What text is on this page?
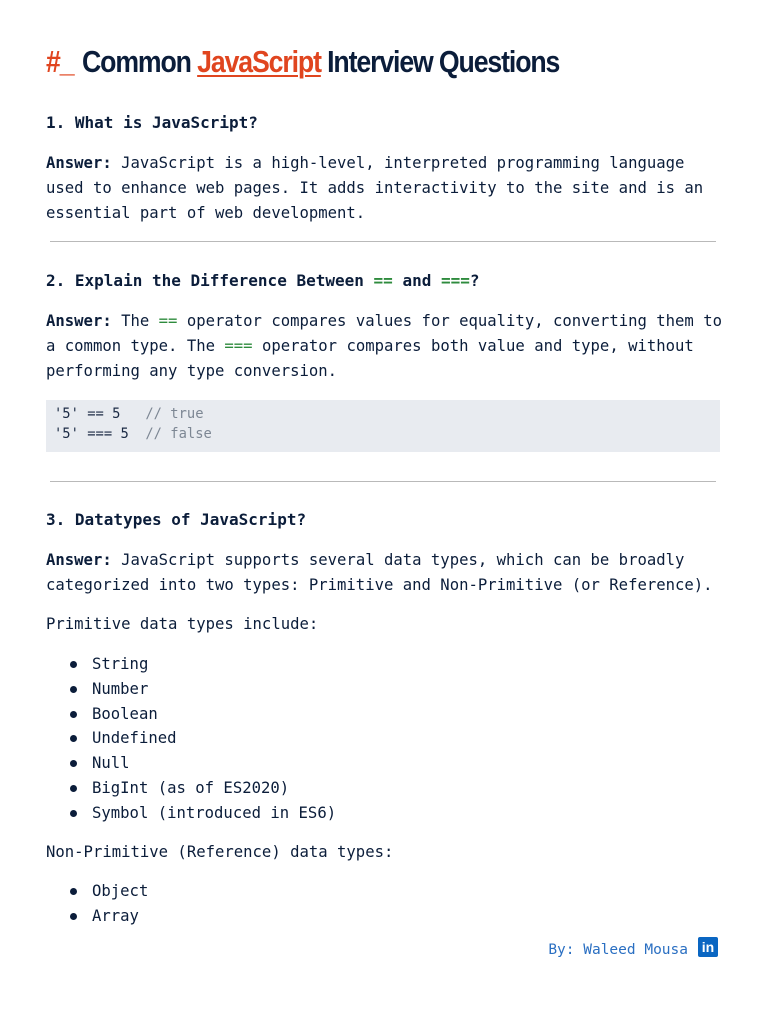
#_ Common JavaScript Interview Questions
1. What is JavaScript?
Answer: JavaScript is a high-level, interpreted programming language used to enhance web pages. It adds interactivity to the site and is an essential part of web development.
2. Explain the Difference Between == and ===?
Answer: The == operator compares values for equality, converting them to a common type. The === operator compares both value and type, without performing any type conversion.
'5' == 5   // true
'5' === 5  // false
3. Datatypes of JavaScript?
Answer: JavaScript supports several data types, which can be broadly categorized into two types: Primitive and Non-Primitive (or Reference).
Primitive data types include:
String
Number
Boolean
Undefined
Null
BigInt (as of ES2020)
Symbol (introduced in ES6)
Non-Primitive (Reference) data types:
Object
Array
By: Waleed Mousa in
